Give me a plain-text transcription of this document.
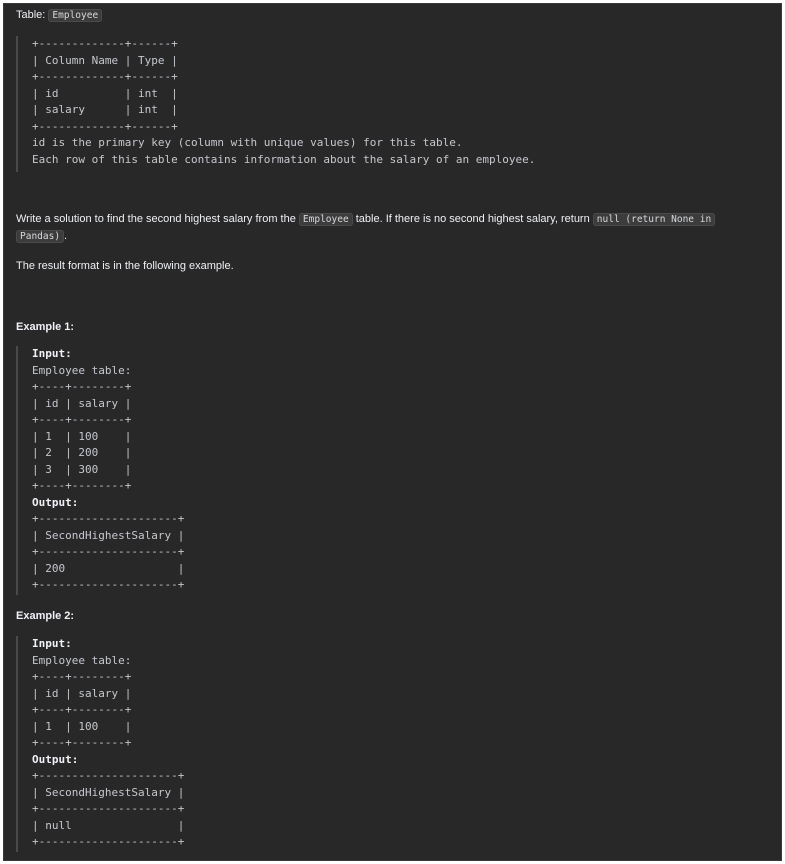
Table: Employee
+-------------+------+
| Column Name | Type |
+-------------+------+
| id          | int  |
| salary      | int  |
+-------------+------+
id is the primary key (column with unique values) for this table.
Each row of this table contains information about the salary of an employee.
Write a solution to find the second highest salary from the Employee table. If there is no second highest salary, return null (return None in
Pandas) .
The result format is in the following example.
Example 1:
Input:
Employee table:
+----+--------+
| id | salary |
+----+--------+
| 1  | 100    |
| 2  | 200    |
| 3  | 300    |
+----+--------+
Output:
+---------------------+
| SecondHighestSalary |
+---------------------+
| 200                 |
+---------------------+
Example 2:
Input:
Employee table:
+----+--------+
| id | salary |
+----+--------+
| 1  | 100    |
+----+--------+
Output:
+---------------------+
| SecondHighestSalary |
+---------------------+
| null                |
+---------------------+
